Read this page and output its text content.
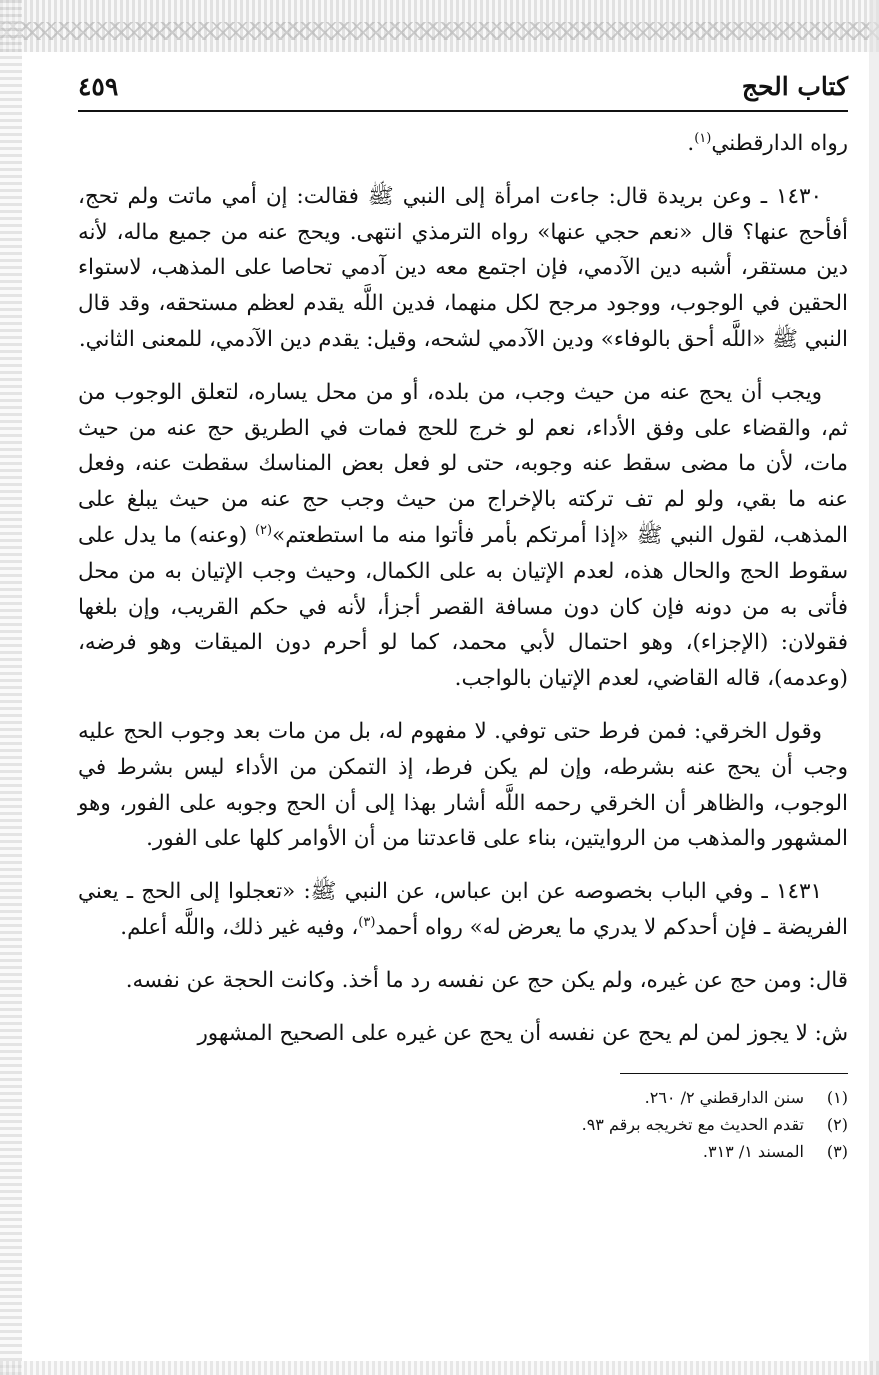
كتاب الحج
٤٥٩

رواه الدارقطني$^{(١)}$.

١٤٣٠ ـ وعن بريدة قال: جاءت امرأة إلى النبي ﷺ فقالت: إن أمي ماتت ولم تحج، أفأحج عنها؟ قال «نعم حجي عنها» رواه الترمذي انتهى. ويحج عنه من جميع ماله، لأنه دين مستقر، أشبه دين الآدمي، فإن اجتمع معه دين آدمي تحاصا على المذهب، لاستواء الحقين في الوجوب، ووجود مرجح لكل منهما، فدين اللَّه يقدم لعظم مستحقه، وقد قال النبي ﷺ «اللَّه أحق بالوفاء» ودين الآدمي لشحه، وقيل: يقدم دين الآدمي، للمعنى الثاني.

ويجب أن يحج عنه من حيث وجب، من بلده، أو من محل يساره، لتعلق الوجوب من ثم، والقضاء على وفق الأداء، نعم لو خرج للحج فمات في الطريق حج عنه من حيث مات، لأن ما مضى سقط عنه وجوبه، حتى لو فعل بعض المناسك سقطت عنه، وفعل عنه ما بقي، ولو لم تف تركته بالإخراج من حيث وجب حج عنه من حيث يبلغ على المذهب، لقول النبي ﷺ «إذا أمرتكم بأمر فأتوا منه ما استطعتم»$^{(٢)}$ (وعنه) ما يدل على سقوط الحج والحال هذه، لعدم الإتيان به على الكمال، وحيث وجب الإتيان به من محل فأتى به من دونه فإن كان دون مسافة القصر أجزأ، لأنه في حكم القريب، وإن بلغها فقولان: (الإجزاء)، وهو احتمال لأبي محمد، كما لو أحرم دون الميقات وهو فرضه، (وعدمه)، قاله القاضي، لعدم الإتيان بالواجب.

وقول الخرقي: فمن فرط حتى توفي. لا مفهوم له، بل من مات بعد وجوب الحج عليه وجب أن يحج عنه بشرطه، وإن لم يكن فرط، إذ التمكن من الأداء ليس بشرط في الوجوب، والظاهر أن الخرقي رحمه اللَّه أشار بهذا إلى أن الحج وجوبه على الفور، وهو المشهور والمذهب من الروايتين، بناء على قاعدتنا من أن الأوامر كلها على الفور.

١٤٣١ ـ وفي الباب بخصوصه عن ابن عباس، عن النبي ﷺ: «تعجلوا إلى الحج ـ يعني الفريضة ـ فإن أحدكم لا يدري ما يعرض له» رواه أحمد$^{(٣)}$، وفيه غير ذلك، واللَّه أعلم.

قال: ومن حج عن غيره، ولم يكن حج عن نفسه رد ما أخذ. وكانت الحجة عن نفسه.

ش: لا يجوز لمن لم يحج عن نفسه أن يحج عن غيره على الصحيح المشهور

(١)
سنن الدارقطني ٢/ ٢٦٠.
(٢)
تقدم الحديث مع تخريجه برقم ٩٣.
(٣)
المسند ١/ ٣١٣.
